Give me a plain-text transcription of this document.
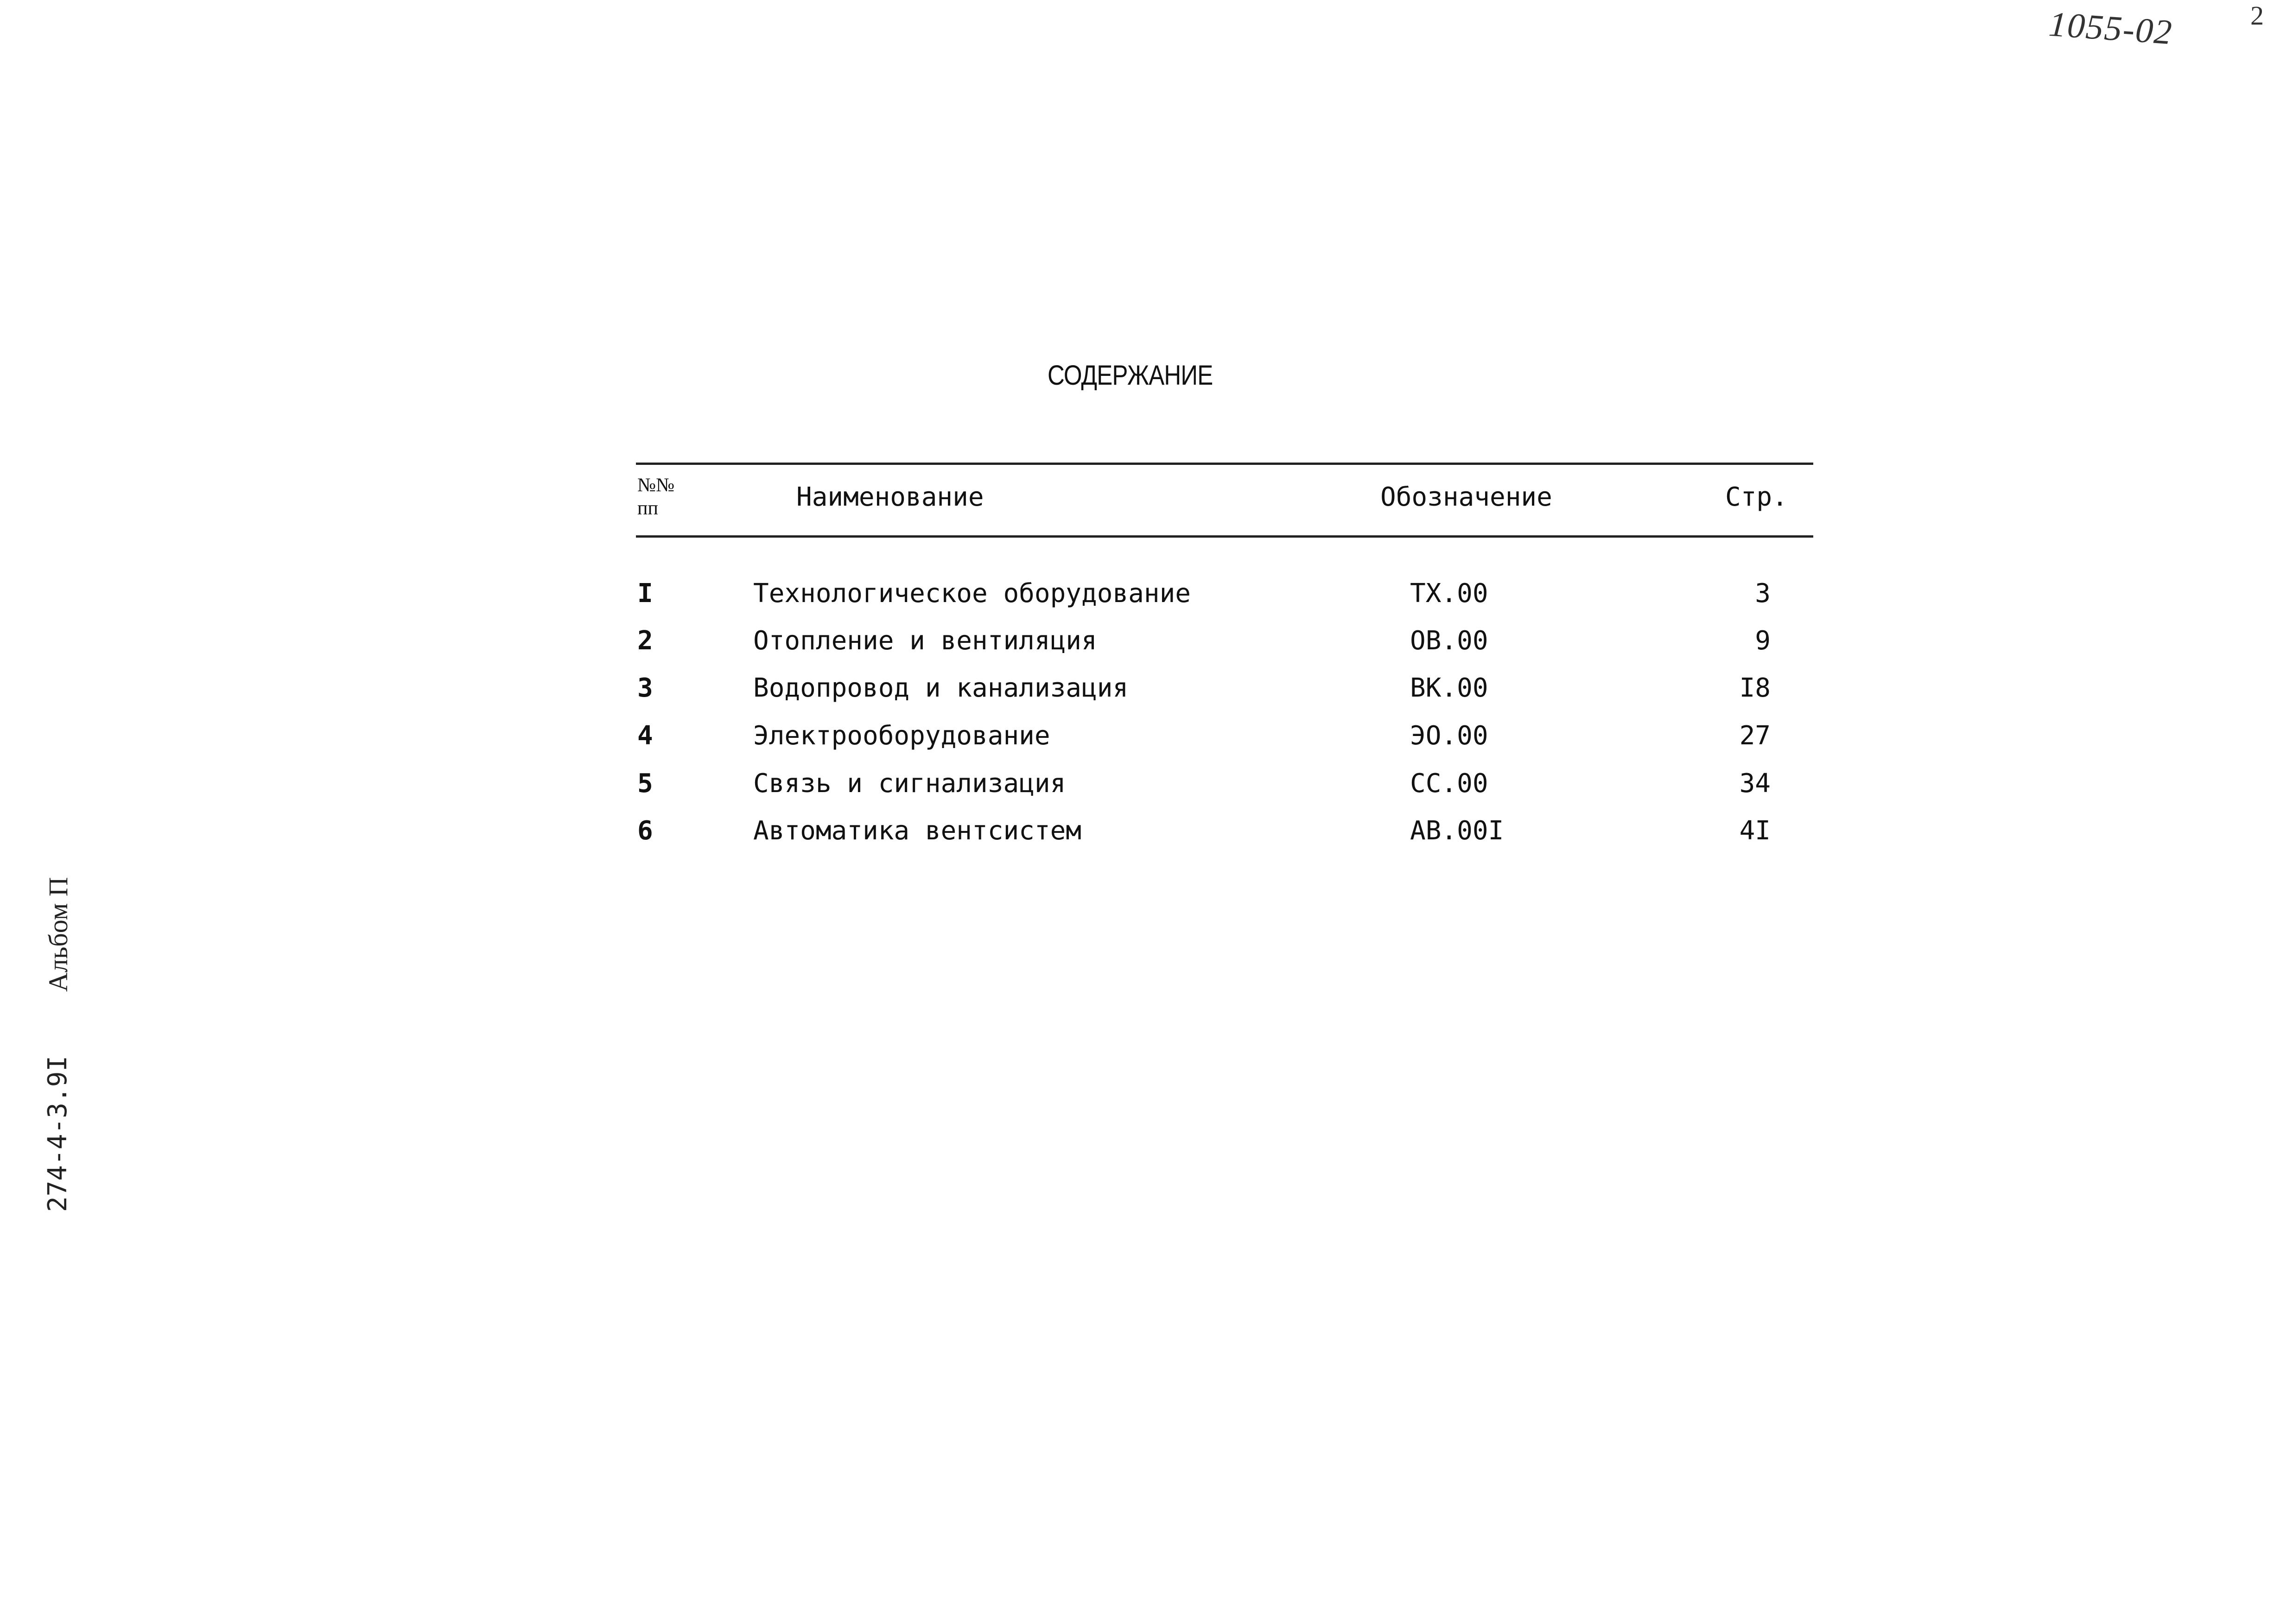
2
1055-02
СОДЕРЖАНИЕ
№№
пп	Наименование	Обозначение	Стр.
I	Технологическое оборудование	ТХ.00	3
2	Отопление и вентиляция	ОВ.00	9
3	Водопровод и канализация	ВК.00	I8
4	Электрооборудование	ЭО.00	27
5	Связь и сигнализация	СС.00	34
6	Автоматика вентсистем	АВ.00I	4I
Альбом П
274-4-3.9I
